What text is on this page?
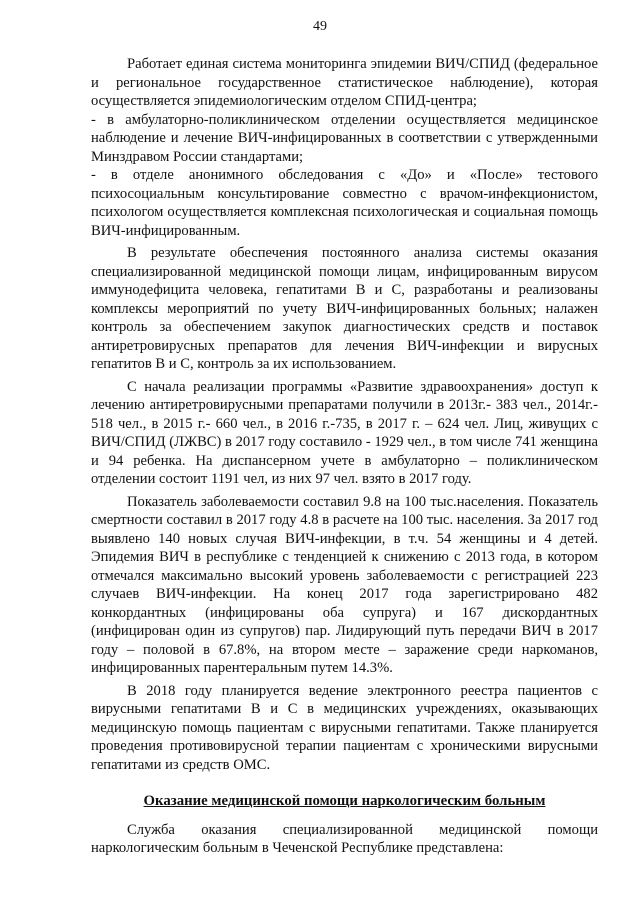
49

Работает единая система мониторинга эпидемии ВИЧ/СПИД (федеральное и региональное государственное статистическое наблюдение), которая осуществляется эпидемиологическим отделом СПИД-центра;

- в амбулаторно-поликлиническом отделении осуществляется медицинское наблюдение и лечение ВИЧ-инфицированных в соответствии с утвержденными Минздравом России стандартами;

- в отделе анонимного обследования с «До» и «После» тестового психосоциальным консультирование совместно с врачом-инфекционистом, психологом осуществляется комплексная психологическая и социальная помощь ВИЧ-инфицированным.

В результате обеспечения постоянного анализа системы оказания специализированной медицинской помощи лицам, инфицированным вирусом иммунодефицита человека, гепатитами B и C, разработаны и реализованы комплексы мероприятий по учету ВИЧ-инфицированных больных; налажен контроль за обеспечением закупок диагностических средств и поставок антиретровирусных препаратов для лечения ВИЧ-инфекции и вирусных гепатитов B и C, контроль за их использованием.

С начала реализации программы «Развитие здравоохранения» доступ к лечению антиретровирусными препаратами получили в 2013г.- 383 чел., 2014г.- 518 чел., в 2015 г.- 660 чел., в 2016 г.-735, в 2017 г. – 624 чел. Лиц, живущих с ВИЧ/СПИД (ЛЖВС) в 2017 году составило - 1929 чел., в том числе 741 женщина и 94 ребенка. На диспансерном учете в амбулаторно – поликлиническом отделении состоит 1191 чел, из них 97 чел. взято в 2017 году.

Показатель заболеваемости составил 9.8 на 100 тыс.населения. Показатель смертности составил в 2017 году 4.8 в расчете на 100 тыс. населения. За 2017 год выявлено 140 новых случая ВИЧ-инфекции, в т.ч. 54 женщины и 4 детей. Эпидемия ВИЧ в республике с тенденцией к снижению с 2013 года, в котором отмечался максимально высокий уровень заболеваемости с регистрацией 223 случаев ВИЧ-инфекции. На конец 2017 года зарегистрировано 482 конкордантных (инфицированы оба супруга) и 167 дискордантных (инфицирован один из супругов) пар. Лидирующий путь передачи ВИЧ в 2017 году – половой в 67.8%, на втором месте – заражение среди наркоманов, инфицированных парентеральным путем 14.3%.

В 2018 году планируется ведение электронного реестра пациентов с вирусными гепатитами B и C в медицинских учреждениях, оказывающих медицинскую помощь пациентам с вирусными гепатитами. Также планируется проведения противовирусной терапии пациентам с хроническими вирусными гепатитами из средств ОМС.

Оказание медицинской помощи наркологическим больным

Служба оказания специализированной медицинской помощи наркологическим больным в Чеченской Республике представлена:
